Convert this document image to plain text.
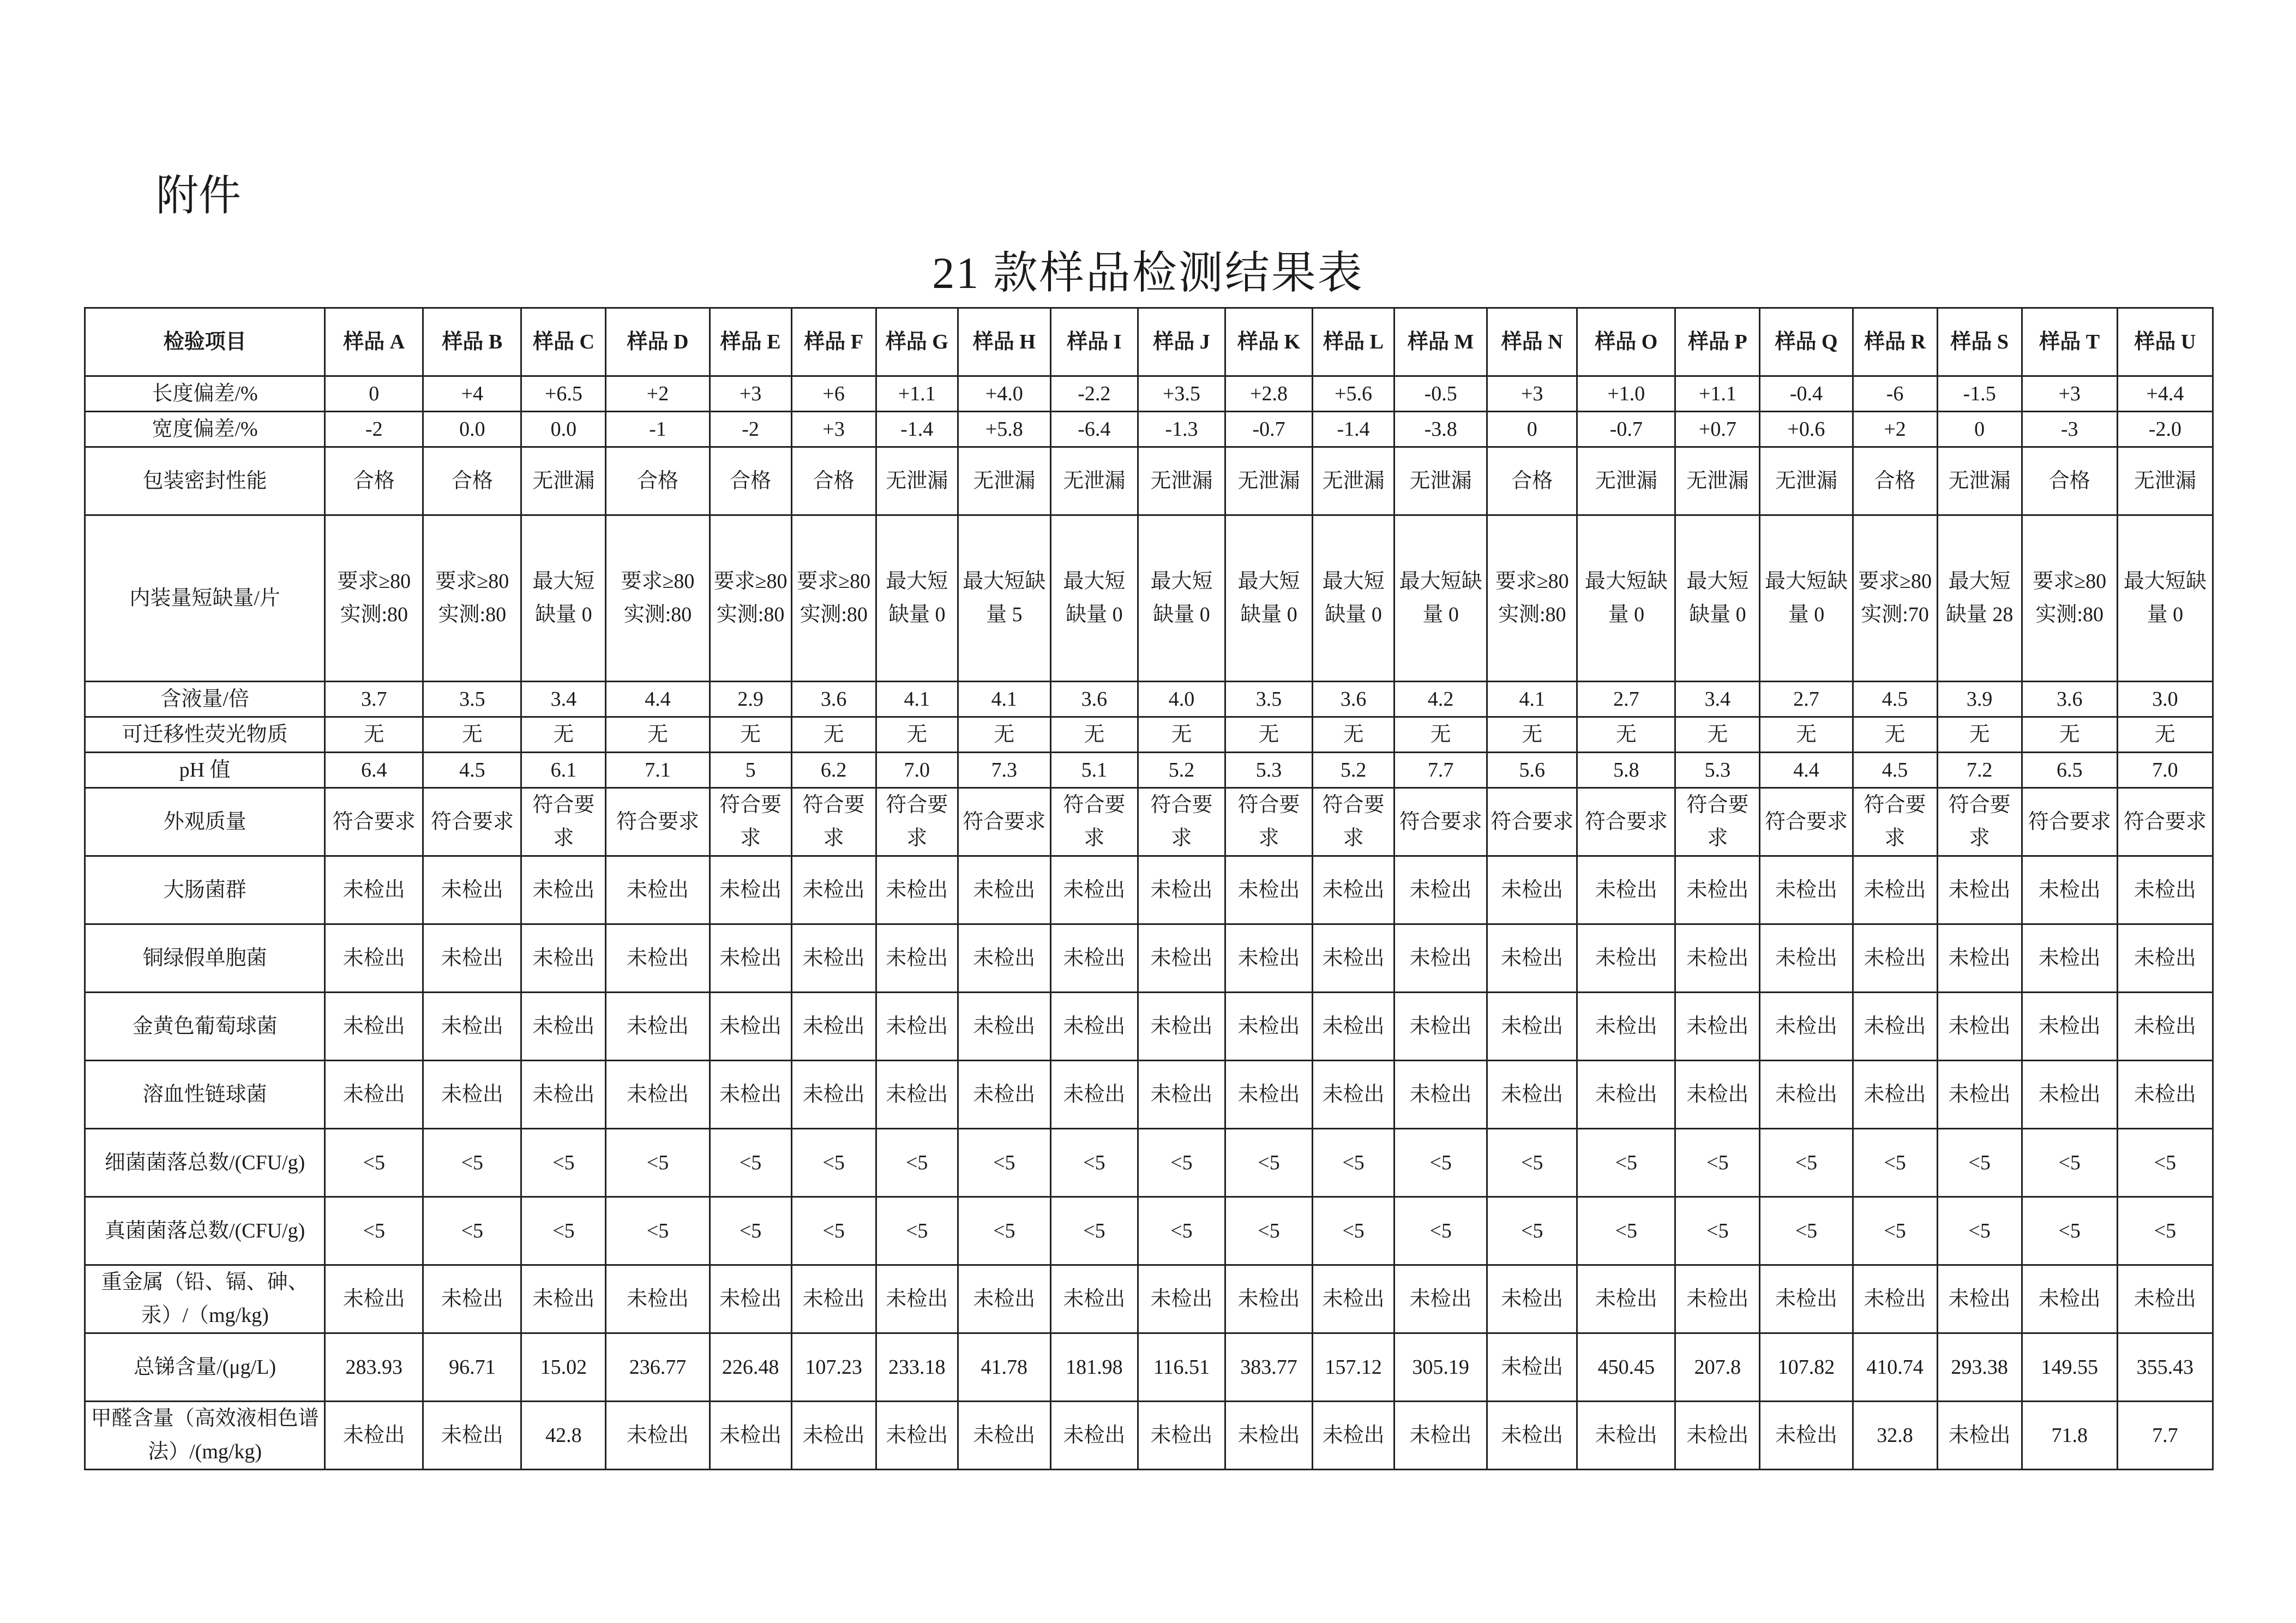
附件
21 款样品检测结果表
检验项目	样品 A	样品 B	样品 C	样品 D	样品 E	样品 F	样品 G	样品 H	样品 I	样品 J	样品 K	样品 L	样品 M	样品 N	样品 O	样品 P	样品 Q	样品 R	样品 S	样品 T	样品 U
长度偏差/%	0	+4	+6.5	+2	+3	+6	+1.1	+4.0	-2.2	+3.5	+2.8	+5.6	-0.5	+3	+1.0	+1.1	-0.4	-6	-1.5	+3	+4.4
宽度偏差/%	-2	0.0	0.0	-1	-2	+3	-1.4	+5.8	-6.4	-1.3	-0.7	-1.4	-3.8	0	-0.7	+0.7	+0.6	+2	0	-3	-2.0
包装密封性能	合格	合格	无泄漏	合格	合格	合格	无泄漏	无泄漏	无泄漏	无泄漏	无泄漏	无泄漏	无泄漏	合格	无泄漏	无泄漏	无泄漏	合格	无泄漏	合格	无泄漏
内装量短缺量/片	要求≥80 实测:80	要求≥80 实测:80	最大短缺量 0	要求≥80 实测:80	要求≥80 实测:80	要求≥80 实测:80	最大短缺量 0	最大短缺量 5	最大短缺量 0	最大短缺量 0	最大短缺量 0	最大短缺量 0	最大短缺量 0	要求≥80 实测:80	最大短缺量 0	最大短缺量 0	最大短缺量 0	要求≥80 实测:70	最大短缺量 28	要求≥80 实测:80	最大短缺量 0
含液量/倍	3.7	3.5	3.4	4.4	2.9	3.6	4.1	4.1	3.6	4.0	3.5	3.6	4.2	4.1	2.7	3.4	2.7	4.5	3.9	3.6	3.0
可迁移性荧光物质	无	无	无	无	无	无	无	无	无	无	无	无	无	无	无	无	无	无	无	无	无
pH 值	6.4	4.5	6.1	7.1	5	6.2	7.0	7.3	5.1	5.2	5.3	5.2	7.7	5.6	5.8	5.3	4.4	4.5	7.2	6.5	7.0
外观质量	符合要求	符合要求	符合要求	符合要求	符合要求	符合要求	符合要求	符合要求	符合要求	符合要求	符合要求	符合要求	符合要求	符合要求	符合要求	符合要求	符合要求	符合要求	符合要求	符合要求	符合要求
大肠菌群	未检出	未检出	未检出	未检出	未检出	未检出	未检出	未检出	未检出	未检出	未检出	未检出	未检出	未检出	未检出	未检出	未检出	未检出	未检出	未检出	未检出
铜绿假单胞菌	未检出	未检出	未检出	未检出	未检出	未检出	未检出	未检出	未检出	未检出	未检出	未检出	未检出	未检出	未检出	未检出	未检出	未检出	未检出	未检出	未检出
金黄色葡萄球菌	未检出	未检出	未检出	未检出	未检出	未检出	未检出	未检出	未检出	未检出	未检出	未检出	未检出	未检出	未检出	未检出	未检出	未检出	未检出	未检出	未检出
溶血性链球菌	未检出	未检出	未检出	未检出	未检出	未检出	未检出	未检出	未检出	未检出	未检出	未检出	未检出	未检出	未检出	未检出	未检出	未检出	未检出	未检出	未检出
细菌菌落总数/(CFU/g)	<5	<5	<5	<5	<5	<5	<5	<5	<5	<5	<5	<5	<5	<5	<5	<5	<5	<5	<5	<5	<5
真菌菌落总数/(CFU/g)	<5	<5	<5	<5	<5	<5	<5	<5	<5	<5	<5	<5	<5	<5	<5	<5	<5	<5	<5	<5	<5
重金属（铅、镉、砷、汞）/（mg/kg)	未检出	未检出	未检出	未检出	未检出	未检出	未检出	未检出	未检出	未检出	未检出	未检出	未检出	未检出	未检出	未检出	未检出	未检出	未检出	未检出	未检出
总锑含量/(μg/L)	283.93	96.71	15.02	236.77	226.48	107.23	233.18	41.78	181.98	116.51	383.77	157.12	305.19	未检出	450.45	207.8	107.82	410.74	293.38	149.55	355.43
甲醛含量（高效液相色谱法）/(mg/kg)	未检出	未检出	42.8	未检出	未检出	未检出	未检出	未检出	未检出	未检出	未检出	未检出	未检出	未检出	未检出	未检出	未检出	32.8	未检出	71.8	7.7
